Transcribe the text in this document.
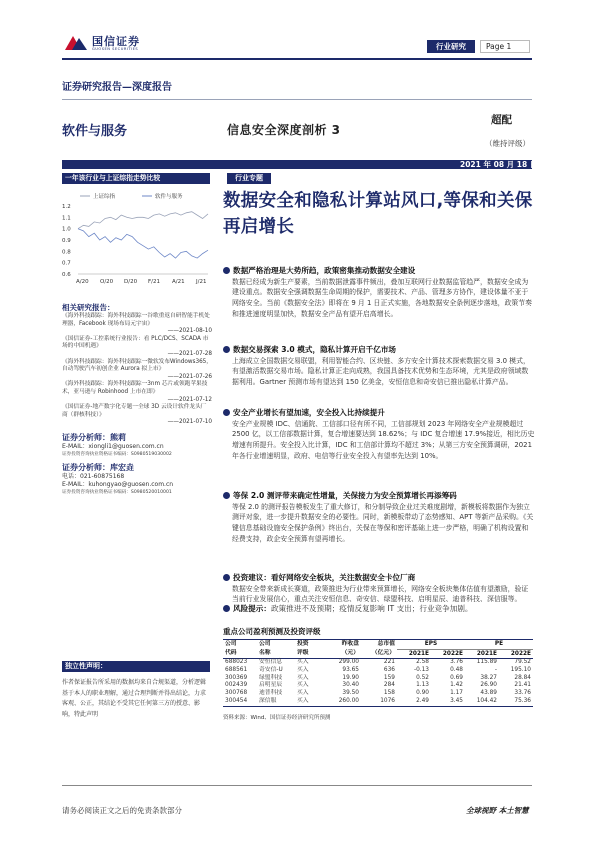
国信证券
GUOSEN SECURITIES	行业研究	Page 1
证券研究报告—深度报告
软件与服务	信息安全深度剖析 3
超配
（维持评级）
2021 年 08 月 18 日
一年该行业与上证综指走势比较
上证综指	软件与服务
1.2
1.1
1.0
0.9
0.8
0.7
0.6
A/20 O/20 D/20 F/21 A/21 J/21
相关研究报告：
《海外科技跟踪：海外科技跟踪一谷歌重返自研智能手机处理器，Facebook 现场布局元宇宙》
——2021-08-10
《国信证券-工控系统行业报告：看 PLC/DCS、SCADA 市场的中国机遇》
——2021-07-28
《海外科技跟踪：海外科技跟踪一微软发布Windows365，自动驾驶汽车初创企业 Aurora 拟上市》
——2021-07-26
《海外科技跟踪：海外科技跟踪一3nm 芯片或领跑苹果技术，亚马逊与 Robinhood 上市在即》
——2021-07-12
《国信证券-地产数字化专题一全球 3D 云设计软件龙头厂商（群核科技）》
——2021-07-10
证券分析师：熊莉
E-MAIL：xiongli1@guosen.com.cn
证券投资咨询执业资格证书编码：S0980519030002
证券分析师：库宏垚
电话：021-60875168
E-MAIL：kuhongyao@guosen.com.cn
证券投资咨询执业资格证书编码：S0980520010001
独立性声明：
作者保证报告所采用的数据均来自合规渠道，分析逻辑基于本人的职业理解，通过合理判断并得出结论，力求客观、公正，其结论不受其它任何第三方的授意、影响，特此声明
行业专题
数据安全和隐私计算站风口,等保和关保再启增长
数据严格治理是大势所趋，政策密集推动数据安全建设
数据已经成为新生产要素，当前数据泄露事件频出，叠加互联网行业数据监管趋严，数据安全成为建设重点。数据安全强调数据生命周期的保护，需要技术、产品、管理多方协作，建设体量不亚于网络安全。当前《数据安全法》即将在 9 月 1 日正式实施，各地数据安全条例逐步落地，政策节奏和推进速度明显加快，数据安全产品有望开启高增长。
数据交易探索 3.0 模式，隐私计算开启千亿市场
上海成立全国数据交易联盟，利用智能合约、区块链、多方安全计算技术探索数据交易 3.0 模式，有望激活数据交易市场。隐私计算正走向成熟，我国具备技术优势和生态环境，尤其是政府领域数据利用。Gartner 预测市场有望达到 150 亿美金，安恒信息和奇安信已推出隐私计算产品。
安全产业增长有望加速，安全投入比持续提升
安全产业规模 IDC、信通院、工信部口径有所不同，工信部规划 2023 年网络安全产业规模超过 2500 亿，以工信部数据计算，复合增速要达到 18.62%；与 IDC 复合增速 17.9%接近，相比历史增速有所提升。安全投入比计算，IDC 和工信部计算均不超过 3%；从第三方安全预算调研，2021 年各行业增速明显，政府、电信等行业安全投入有望率先达到 10%。
等保 2.0 测评带来确定性增量，关保接力为安全预算增长再添筹码
等保 2.0 的测评报告模板发生了重大修订，和分制导致企业过关难度剧增，新模板将数据作为独立测评对象，进一步提升数据安全的必要性。同时，新模板带动了态势感知、APT 等新产品采购。《关键信息基础设施安全保护条例》终出台，关保在等保和密评基础上进一步严格，明确了机构设置和经费支持，政企安全预算有望再增长。
投资建议：看好网络安全板块，关注数据安全卡位厂商
数据安全带来新成长赛道，政策推进为行业带来预算增长，网络安全板块集体估值有望激励，验证当前行业发展信心，重点关注安恒信息、奇安信、绿盟科技、启明星辰、迪普科技、深信服等。
风险提示：政策推进不及预期；疫情反复影响 IT 支出；行业竞争加剧。
重点公司盈利预测及投资评级
公司	公司	投资	昨收盘	总市值	EPS		PE	
代码	名称	评级	（元）	（亿元）	2021E	2022E	2021E	2022E
688023	安恒信息	买入	299.00	221	2.58	3.76	115.89	79.52
688561	奇安信-U	买入	93.65	636	-0.13	0.48	-	195.10
300369	绿盟科技	买入	19.90	159	0.52	0.69	38.27	28.84
002439	启明星辰	买入	30.40	284	1.13	1.42	26.90	21.41
300768	迪普科技	买入	39.50	158	0.90	1.17	43.89	33.76
300454	深信服	买入	260.00	1076	2.49	3.45	104.42	75.36
资料来源：Wind、国信证券经济研究所预测
请务必阅读正文之后的免责条款部分	全球视野 本土智慧
